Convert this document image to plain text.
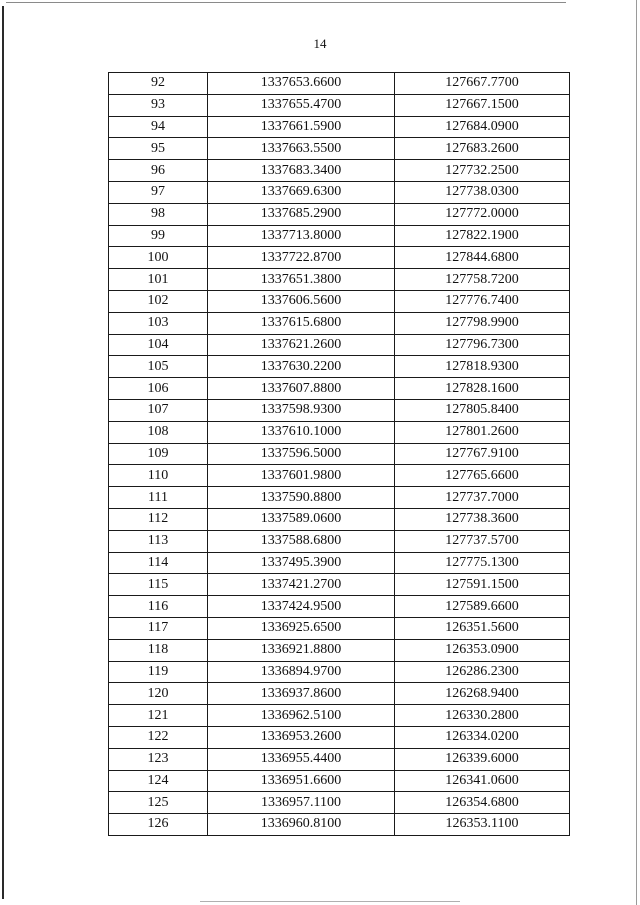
14
92	1337653.6600	127667.7700
93	1337655.4700	127667.1500
94	1337661.5900	127684.0900
95	1337663.5500	127683.2600
96	1337683.3400	127732.2500
97	1337669.6300	127738.0300
98	1337685.2900	127772.0000
99	1337713.8000	127822.1900
100	1337722.8700	127844.6800
101	1337651.3800	127758.7200
102	1337606.5600	127776.7400
103	1337615.6800	127798.9900
104	1337621.2600	127796.7300
105	1337630.2200	127818.9300
106	1337607.8800	127828.1600
107	1337598.9300	127805.8400
108	1337610.1000	127801.2600
109	1337596.5000	127767.9100
110	1337601.9800	127765.6600
111	1337590.8800	127737.7000
112	1337589.0600	127738.3600
113	1337588.6800	127737.5700
114	1337495.3900	127775.1300
115	1337421.2700	127591.1500
116	1337424.9500	127589.6600
117	1336925.6500	126351.5600
118	1336921.8800	126353.0900
119	1336894.9700	126286.2300
120	1336937.8600	126268.9400
121	1336962.5100	126330.2800
122	1336953.2600	126334.0200
123	1336955.4400	126339.6000
124	1336951.6600	126341.0600
125	1336957.1100	126354.6800
126	1336960.8100	126353.1100
